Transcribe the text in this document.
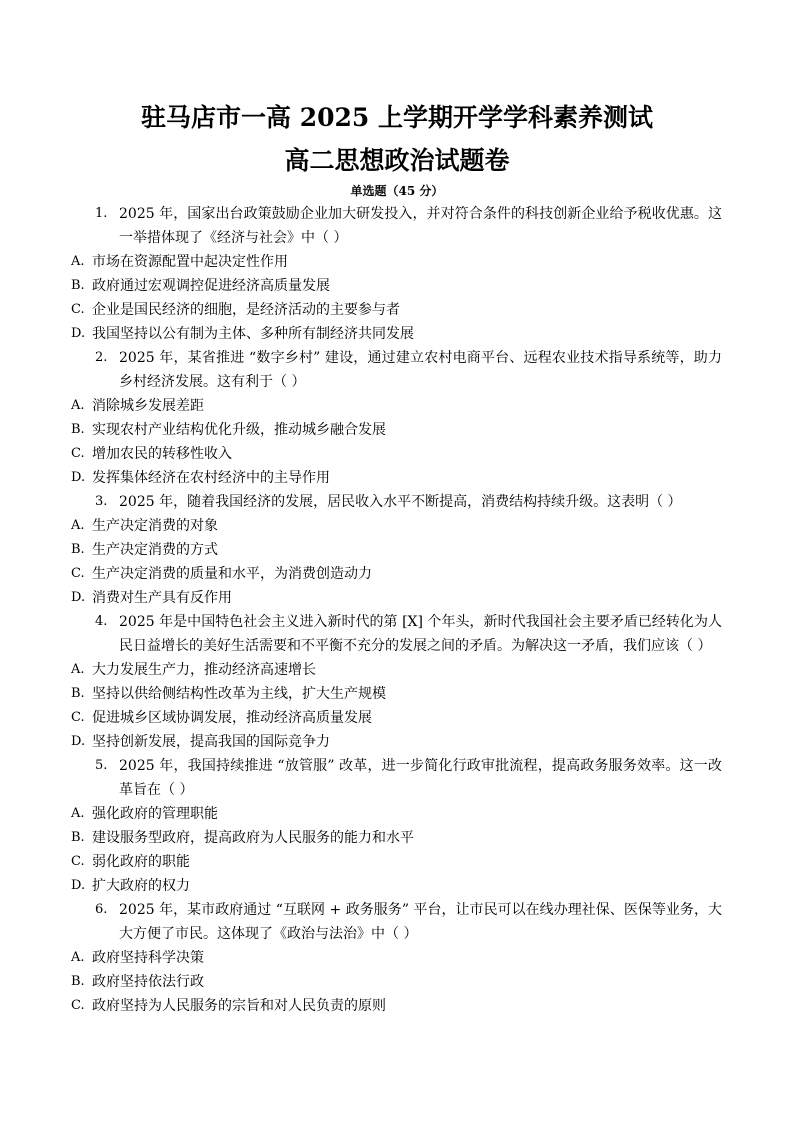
驻马店市一高 2025 上学期开学学科素养测试
高二思想政治试题卷
单选题（45 分）
1. 2025 年，国家出台政策鼓励企业加大研发投入，并对符合条件的科技创新企业给予税收优惠。这一举措体现了《经济与社会》中（ ）
A. 市场在资源配置中起决定性作用
B. 政府通过宏观调控促进经济高质量发展
C. 企业是国民经济的细胞，是经济活动的主要参与者
D. 我国坚持以公有制为主体、多种所有制经济共同发展
2. 2025 年，某省推进 “数字乡村” 建设，通过建立农村电商平台、远程农业技术指导系统等，助力乡村经济发展。这有利于（ ）
A. 消除城乡发展差距
B. 实现农村产业结构优化升级，推动城乡融合发展
C. 增加农民的转移性收入
D. 发挥集体经济在农村经济中的主导作用
3. 2025 年，随着我国经济的发展，居民收入水平不断提高，消费结构持续升级。这表明（ ）
A. 生产决定消费的对象
B. 生产决定消费的方式
C. 生产决定消费的质量和水平，为消费创造动力
D. 消费对生产具有反作用
4. 2025 年是中国特色社会主义进入新时代的第 [X] 个年头，新时代我国社会主要矛盾已经转化为人民日益增长的美好生活需要和不平衡不充分的发展之间的矛盾。为解决这一矛盾，我们应该（ ）
A. 大力发展生产力，推动经济高速增长
B. 坚持以供给侧结构性改革为主线，扩大生产规模
C. 促进城乡区域协调发展，推动经济高质量发展
D. 坚持创新发展，提高我国的国际竞争力
5. 2025 年，我国持续推进 “放管服” 改革，进一步简化行政审批流程，提高政务服务效率。这一改革旨在（ ）
A. 强化政府的管理职能
B. 建设服务型政府，提高政府为人民服务的能力和水平
C. 弱化政府的职能
D. 扩大政府的权力
6. 2025 年，某市政府通过 “互联网 + 政务服务” 平台，让市民可以在线办理社保、医保等业务，大大方便了市民。这体现了《政治与法治》中（ ）
A. 政府坚持科学决策
B. 政府坚持依法行政
C. 政府坚持为人民服务的宗旨和对人民负责的原则
